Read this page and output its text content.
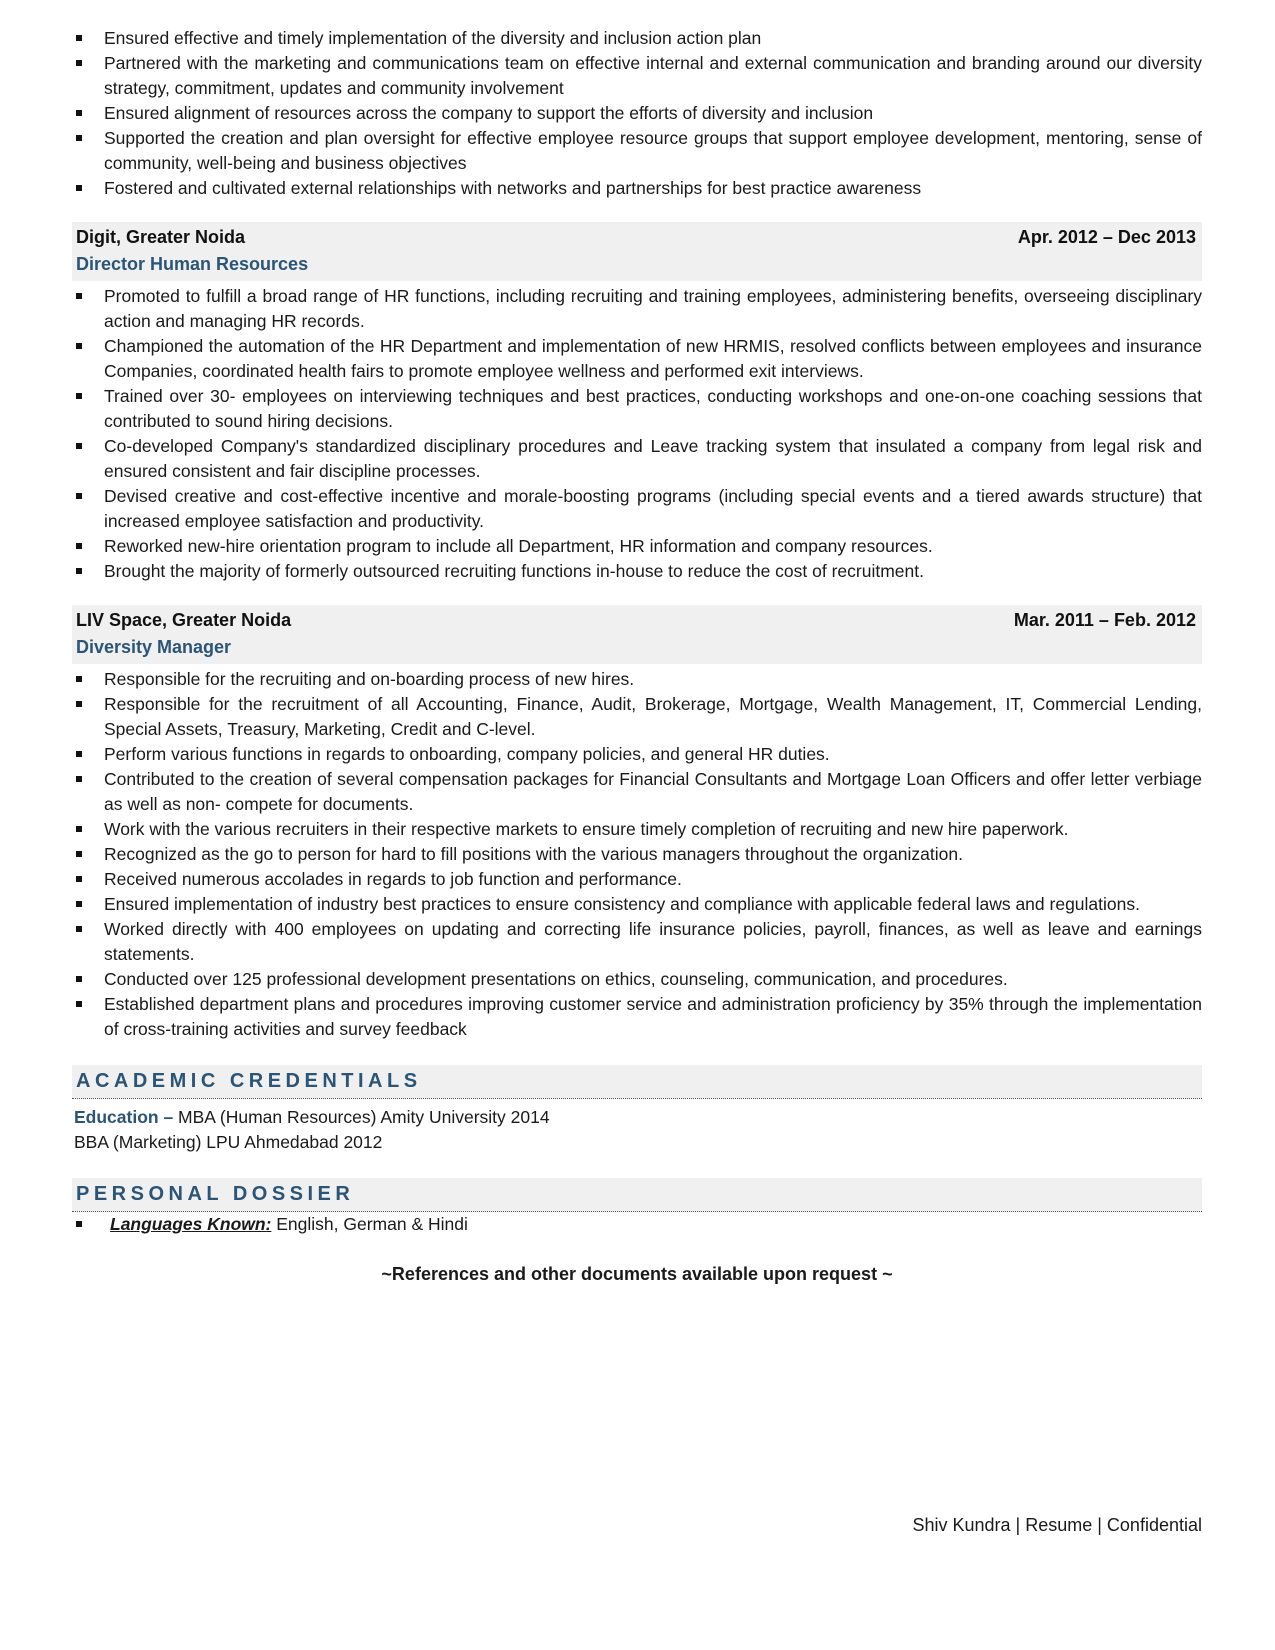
Ensured effective and timely implementation of the diversity and inclusion action plan
Partnered with the marketing and communications team on effective internal and external communication and branding around our diversity strategy, commitment, updates and community involvement
Ensured alignment of resources across the company to support the efforts of diversity and inclusion
Supported the creation and plan oversight for effective employee resource groups that support employee development, mentoring, sense of community, well-being and business objectives
Fostered and cultivated external relationships with networks and partnerships for best practice awareness
Digit, Greater Noida	Apr. 2012 – Dec 2013
Director Human Resources
Promoted to fulfill a broad range of HR functions, including recruiting and training employees, administering benefits, overseeing disciplinary action and managing HR records.
Championed the automation of the HR Department and implementation of new HRMIS, resolved conflicts between employees and insurance Companies, coordinated health fairs to promote employee wellness and performed exit interviews.
Trained over 30- employees on interviewing techniques and best practices, conducting workshops and one-on-one coaching sessions that contributed to sound hiring decisions.
Co-developed Company's standardized disciplinary procedures and Leave tracking system that insulated a company from legal risk and ensured consistent and fair discipline processes.
Devised creative and cost-effective incentive and morale-boosting programs (including special events and a tiered awards structure) that increased employee satisfaction and productivity.
Reworked new-hire orientation program to include all Department, HR information and company resources.
Brought the majority of formerly outsourced recruiting functions in-house to reduce the cost of recruitment.
LIV Space, Greater Noida	Mar. 2011 – Feb. 2012
Diversity Manager
Responsible for the recruiting and on-boarding process of new hires.
Responsible for the recruitment of all Accounting, Finance, Audit, Brokerage, Mortgage, Wealth Management, IT, Commercial Lending, Special Assets, Treasury, Marketing, Credit and C-level.
Perform various functions in regards to onboarding, company policies, and general HR duties.
Contributed to the creation of several compensation packages for Financial Consultants and Mortgage Loan Officers and offer letter verbiage as well as non- compete for documents.
Work with the various recruiters in their respective markets to ensure timely completion of recruiting and new hire paperwork.
Recognized as the go to person for hard to fill positions with the various managers throughout the organization.
Received numerous accolades in regards to job function and performance.
Ensured implementation of industry best practices to ensure consistency and compliance with applicable federal laws and regulations.
Worked directly with 400 employees on updating and correcting life insurance policies, payroll, finances, as well as leave and earnings statements.
Conducted over 125 professional development presentations on ethics, counseling, communication, and procedures.
Established department plans and procedures improving customer service and administration proficiency by 35% through the implementation of cross-training activities and survey feedback
ACADEMIC CREDENTIALS
Education – MBA (Human Resources) Amity University 2014
BBA (Marketing) LPU Ahmedabad 2012
PERSONAL DOSSIER
Languages Known: English, German & Hindi
~References and other documents available upon request ~
Shiv Kundra | Resume | Confidential
